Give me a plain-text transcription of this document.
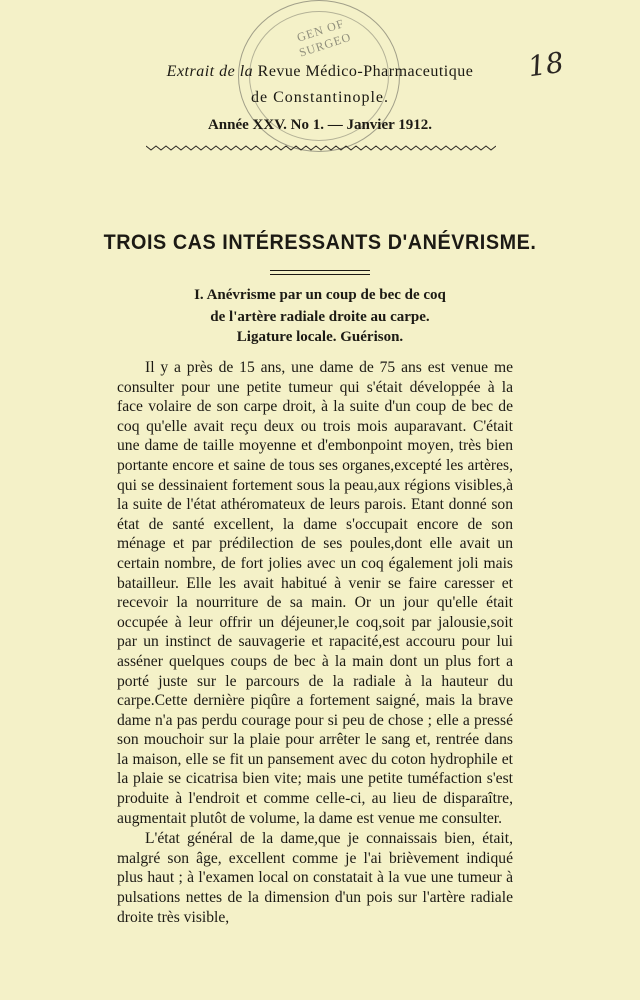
GEN OF SURGEO
18
Extrait de la Revue Médico-Pharmaceutique
de Constantinople.
Année XXV. No 1. — Janvier 1912.
TROIS CAS INTÉRESSANTS D'ANÉVRISME.
I. Anévrisme par un coup de bec de coq
de l'artère radiale droite au carpe.
Ligature locale. Guérison.

Il y a près de 15 ans, une dame de 75 ans est venue me consulter pour une petite tumeur qui s'était développée à la face volaire de son carpe droit, à la suite d'un coup de bec de coq qu'elle avait reçu deux ou trois mois auparavant. C'était une dame de taille moyenne et d'embonpoint moyen, très bien portante encore et saine de tous ses organes,excepté les artères, qui se dessinaient fortement sous la peau,aux régions visibles,à la suite de l'état athéromateux de leurs parois. Etant donné son état de santé excellent, la dame s'occupait encore de son ménage et par prédilection de ses poules,dont elle avait un certain nombre, de fort jolies avec un coq également joli mais batailleur. Elle les avait habitué à venir se faire caresser et recevoir la nourriture de sa main. Or un jour qu'elle était occupée à leur offrir un déjeuner,le coq,soit par jalousie,soit par un instinct de sauvagerie et rapacité,est accouru pour lui asséner quelques coups de bec à la main dont un plus fort a porté juste sur le parcours de la radiale à la hauteur du carpe.Cette dernière piqûre a fortement saigné, mais la brave dame n'a pas perdu courage pour si peu de chose ; elle a pressé son mouchoir sur la plaie pour arrêter le sang et, rentrée dans la maison, elle se fit un pansement avec du coton hydrophile et la plaie se cicatrisa bien vite; mais une petite tuméfaction s'est produite à l'endroit et comme celle-ci, au lieu de disparaître, augmentait plutôt de volume, la dame est venue me consulter.

L'état général de la dame,que je connaissais bien, était, malgré son âge, excellent comme je l'ai brièvement indiqué plus haut ; à l'examen local on constatait à la vue une tumeur à pulsations nettes de la dimension d'un pois sur l'artère radiale droite très visible,
